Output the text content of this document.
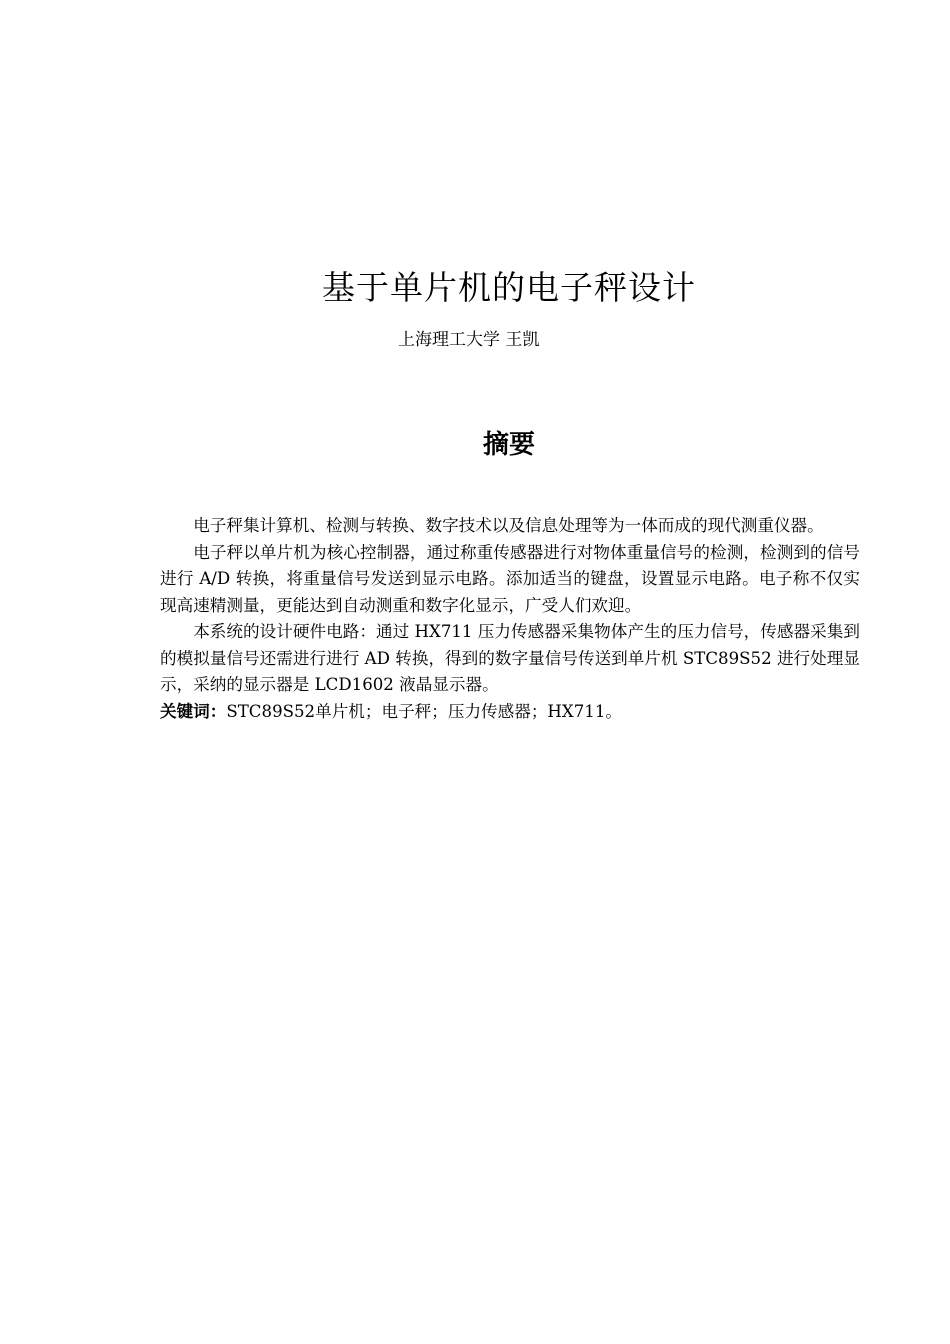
基于单片机的电子秤设计
上海理工大学 王凯
摘要

电子秤集计算机、检测与转换、数字技术以及信息处理等为一体而成的现代测重仪器。

电子秤以单片机为核心控制器，通过称重传感器进行对物体重量信号的检测，检测到的信号进行 A/D 转换，将重量信号发送到显示电路。添加适当的键盘，设置显示电路。电子称不仅实现高速精测量，更能达到自动测重和数字化显示，广受人们欢迎。

本系统的设计硬件电路：通过 HX711 压力传感器采集物体产生的压力信号，传感器采集到的模拟量信号还需进行进行 AD 转换，得到的数字量信号传送到单片机 STC89S52 进行处理显示，采纳的显示器是 LCD1602 液晶显示器。

关键词：STC89S52单片机；电子秤；压力传感器；HX711。
